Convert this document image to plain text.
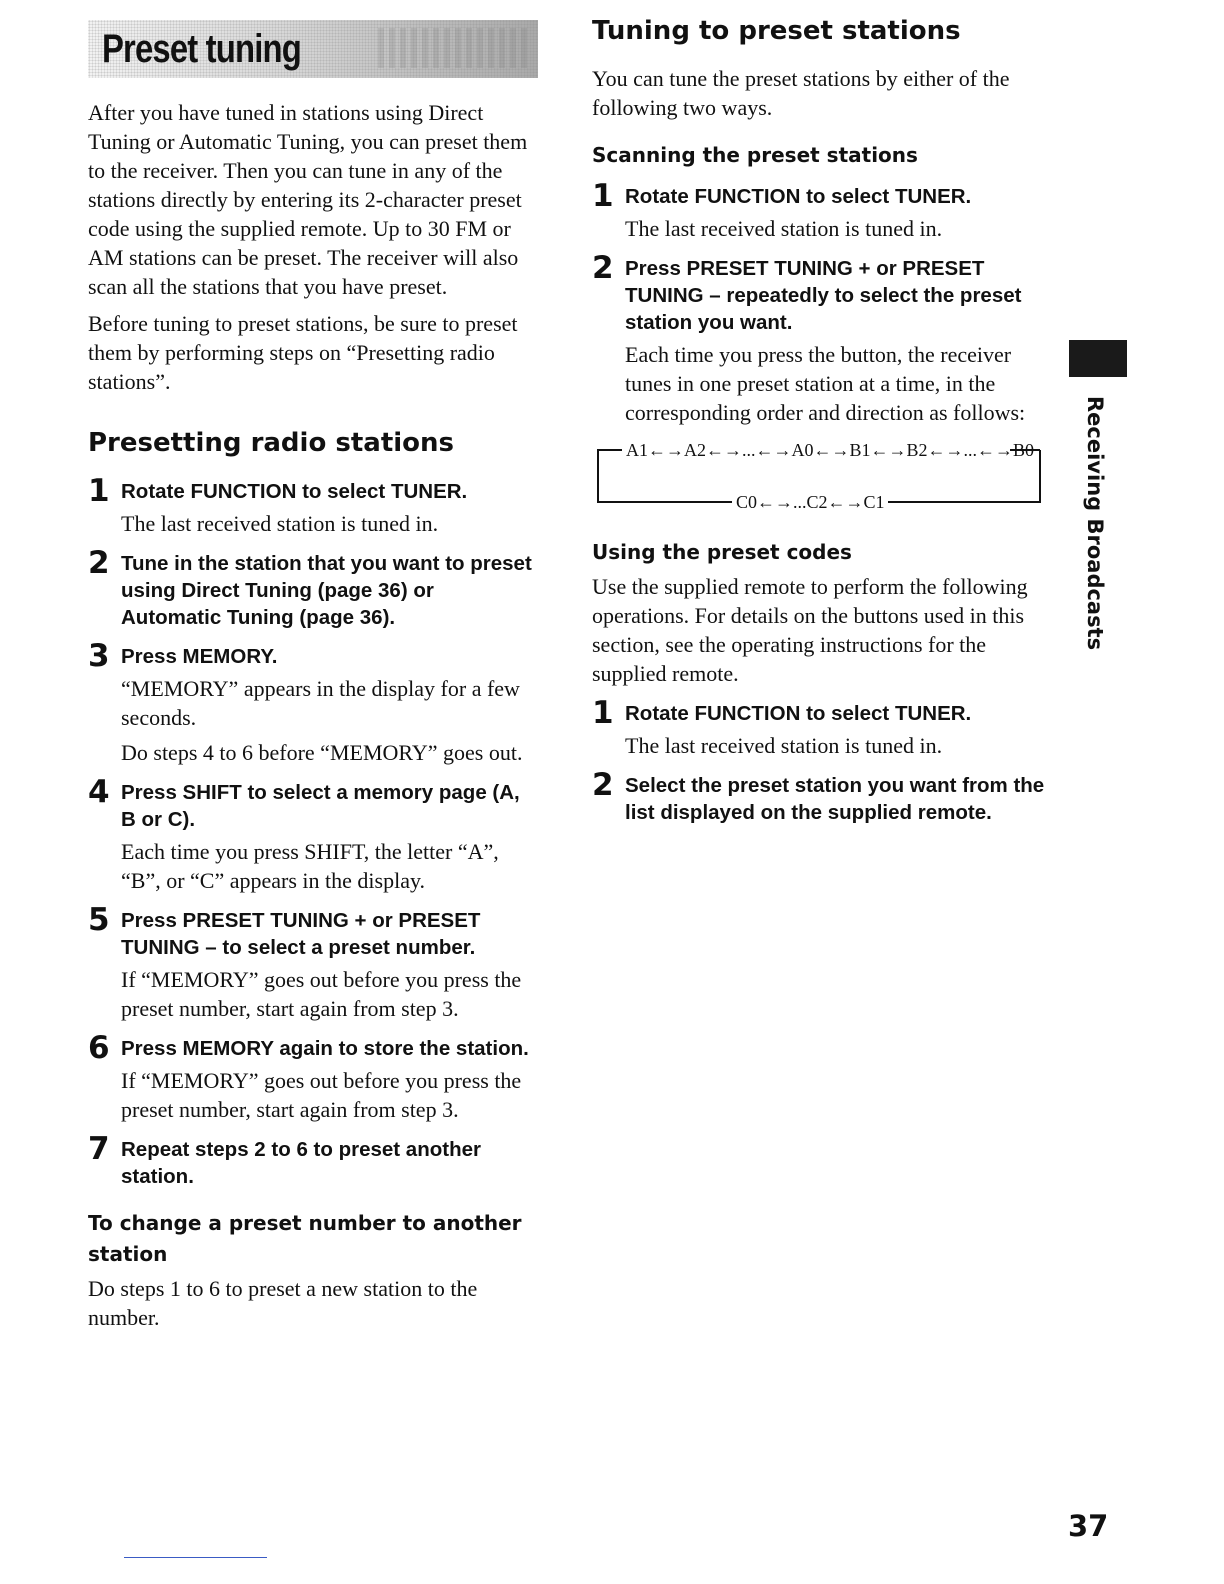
Preset tuning

After you have tuned in stations using Direct Tuning or Automatic Tuning, you can preset them to the receiver. Then you can tune in any of the stations directly by entering its 2-character preset code using the supplied remote. Up to 30 FM or AM stations can be preset. The receiver will also scan all the stations that you have preset.

Before tuning to preset stations, be sure to preset them by performing steps on “Presetting radio stations”.

Presetting radio stations
1 Rotate FUNCTION to select TUNER.
The last received station is tuned in.
2 Tune in the station that you want to preset using Direct Tuning (page 36) or Automatic Tuning (page 36).
3 Press MEMORY.
“MEMORY” appears in the display for a few seconds.
Do steps 4 to 6 before “MEMORY” goes out.
4 Press SHIFT to select a memory page (A, B or C).
Each time you press SHIFT, the letter “A”, “B”, or “C” appears in the display.
5 Press PRESET TUNING + or PRESET TUNING – to select a preset number.
If “MEMORY” goes out before you press the preset number, start again from step 3.
6 Press MEMORY again to store the station.
If “MEMORY” goes out before you press the preset number, start again from step 3.
7 Repeat steps 2 to 6 to preset another station.
To change a preset number to another station

Do steps 1 to 6 to preset a new station to the number.

Tuning to preset stations

You can tune the preset stations by either of the following two ways.

Scanning the preset stations
1 Rotate FUNCTION to select TUNER.
The last received station is tuned in.
2 Press PRESET TUNING + or PRESET TUNING – repeatedly to select the preset station you want.
Each time you press the button, the receiver tunes in one preset station at a time, in the corresponding order and direction as follows:
A1←→A2←→...←→A0←→B1←→B2←→...←→B0
C0←→...C2←→C1
Using the preset codes

Use the supplied remote to perform the following operations. For details on the buttons used in this section, see the operating instructions for the supplied remote.

1 Rotate FUNCTION to select TUNER.
The last received station is tuned in.
2 Select the preset station you want from the list displayed on the supplied remote.
Receiving Broadcasts
37
